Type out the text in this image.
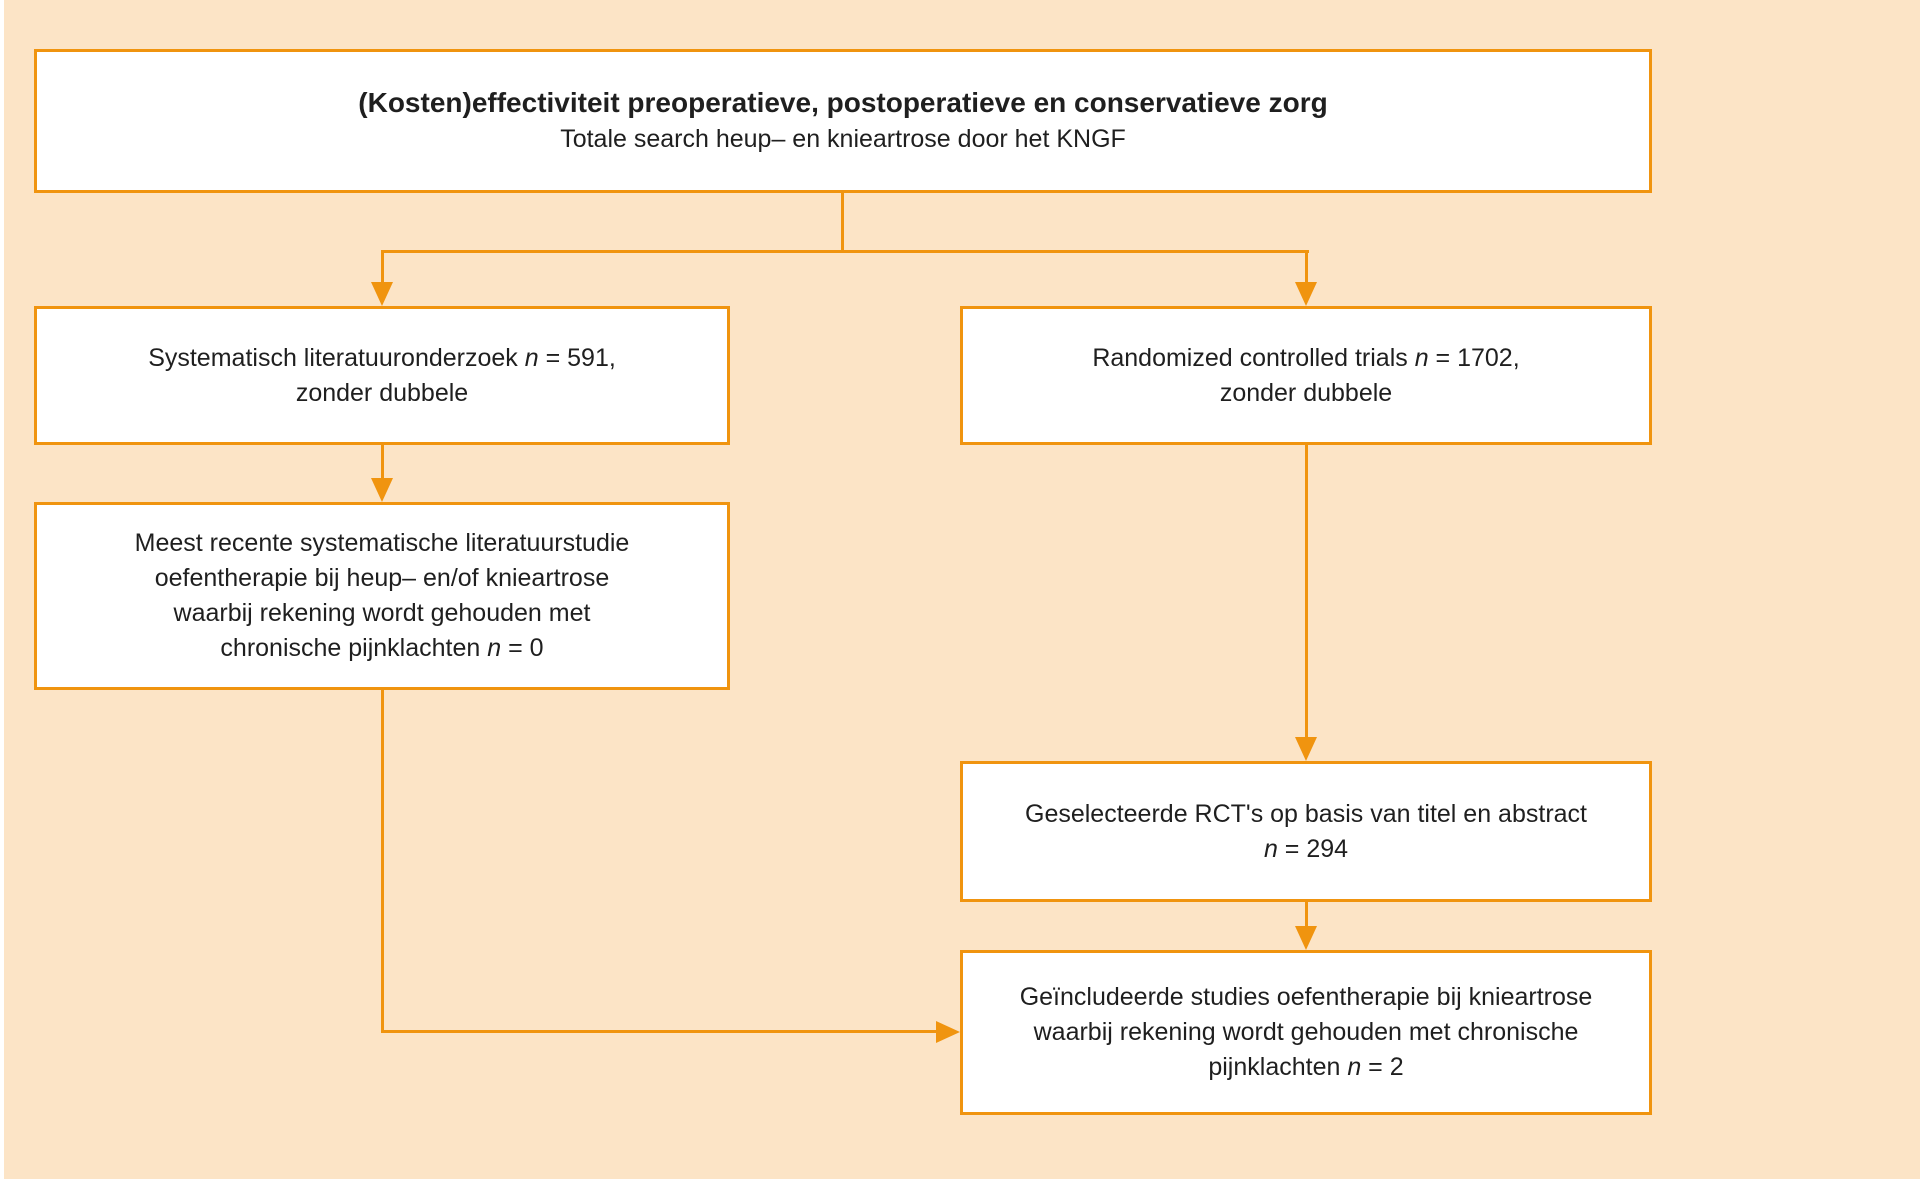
(Kosten)effectiviteit preoperatieve, postoperatieve en conservatieve zorg
Totale search heup– en knieartrose door het KNGF
Systematisch literatuuronderzoek n = 591,
zonder dubbele
Meest recente systematische literatuurstudie
oefentherapie bij heup– en/of knieartrose
waarbij rekening wordt gehouden met
chronische pijnklachten n = 0
Randomized controlled trials n = 1702,
zonder dubbele
Geselecteerde RCT's op basis van titel en abstract
n = 294
Geïncludeerde studies oefentherapie bij knieartrose
waarbij rekening wordt gehouden met chronische
pijnklachten n = 2
